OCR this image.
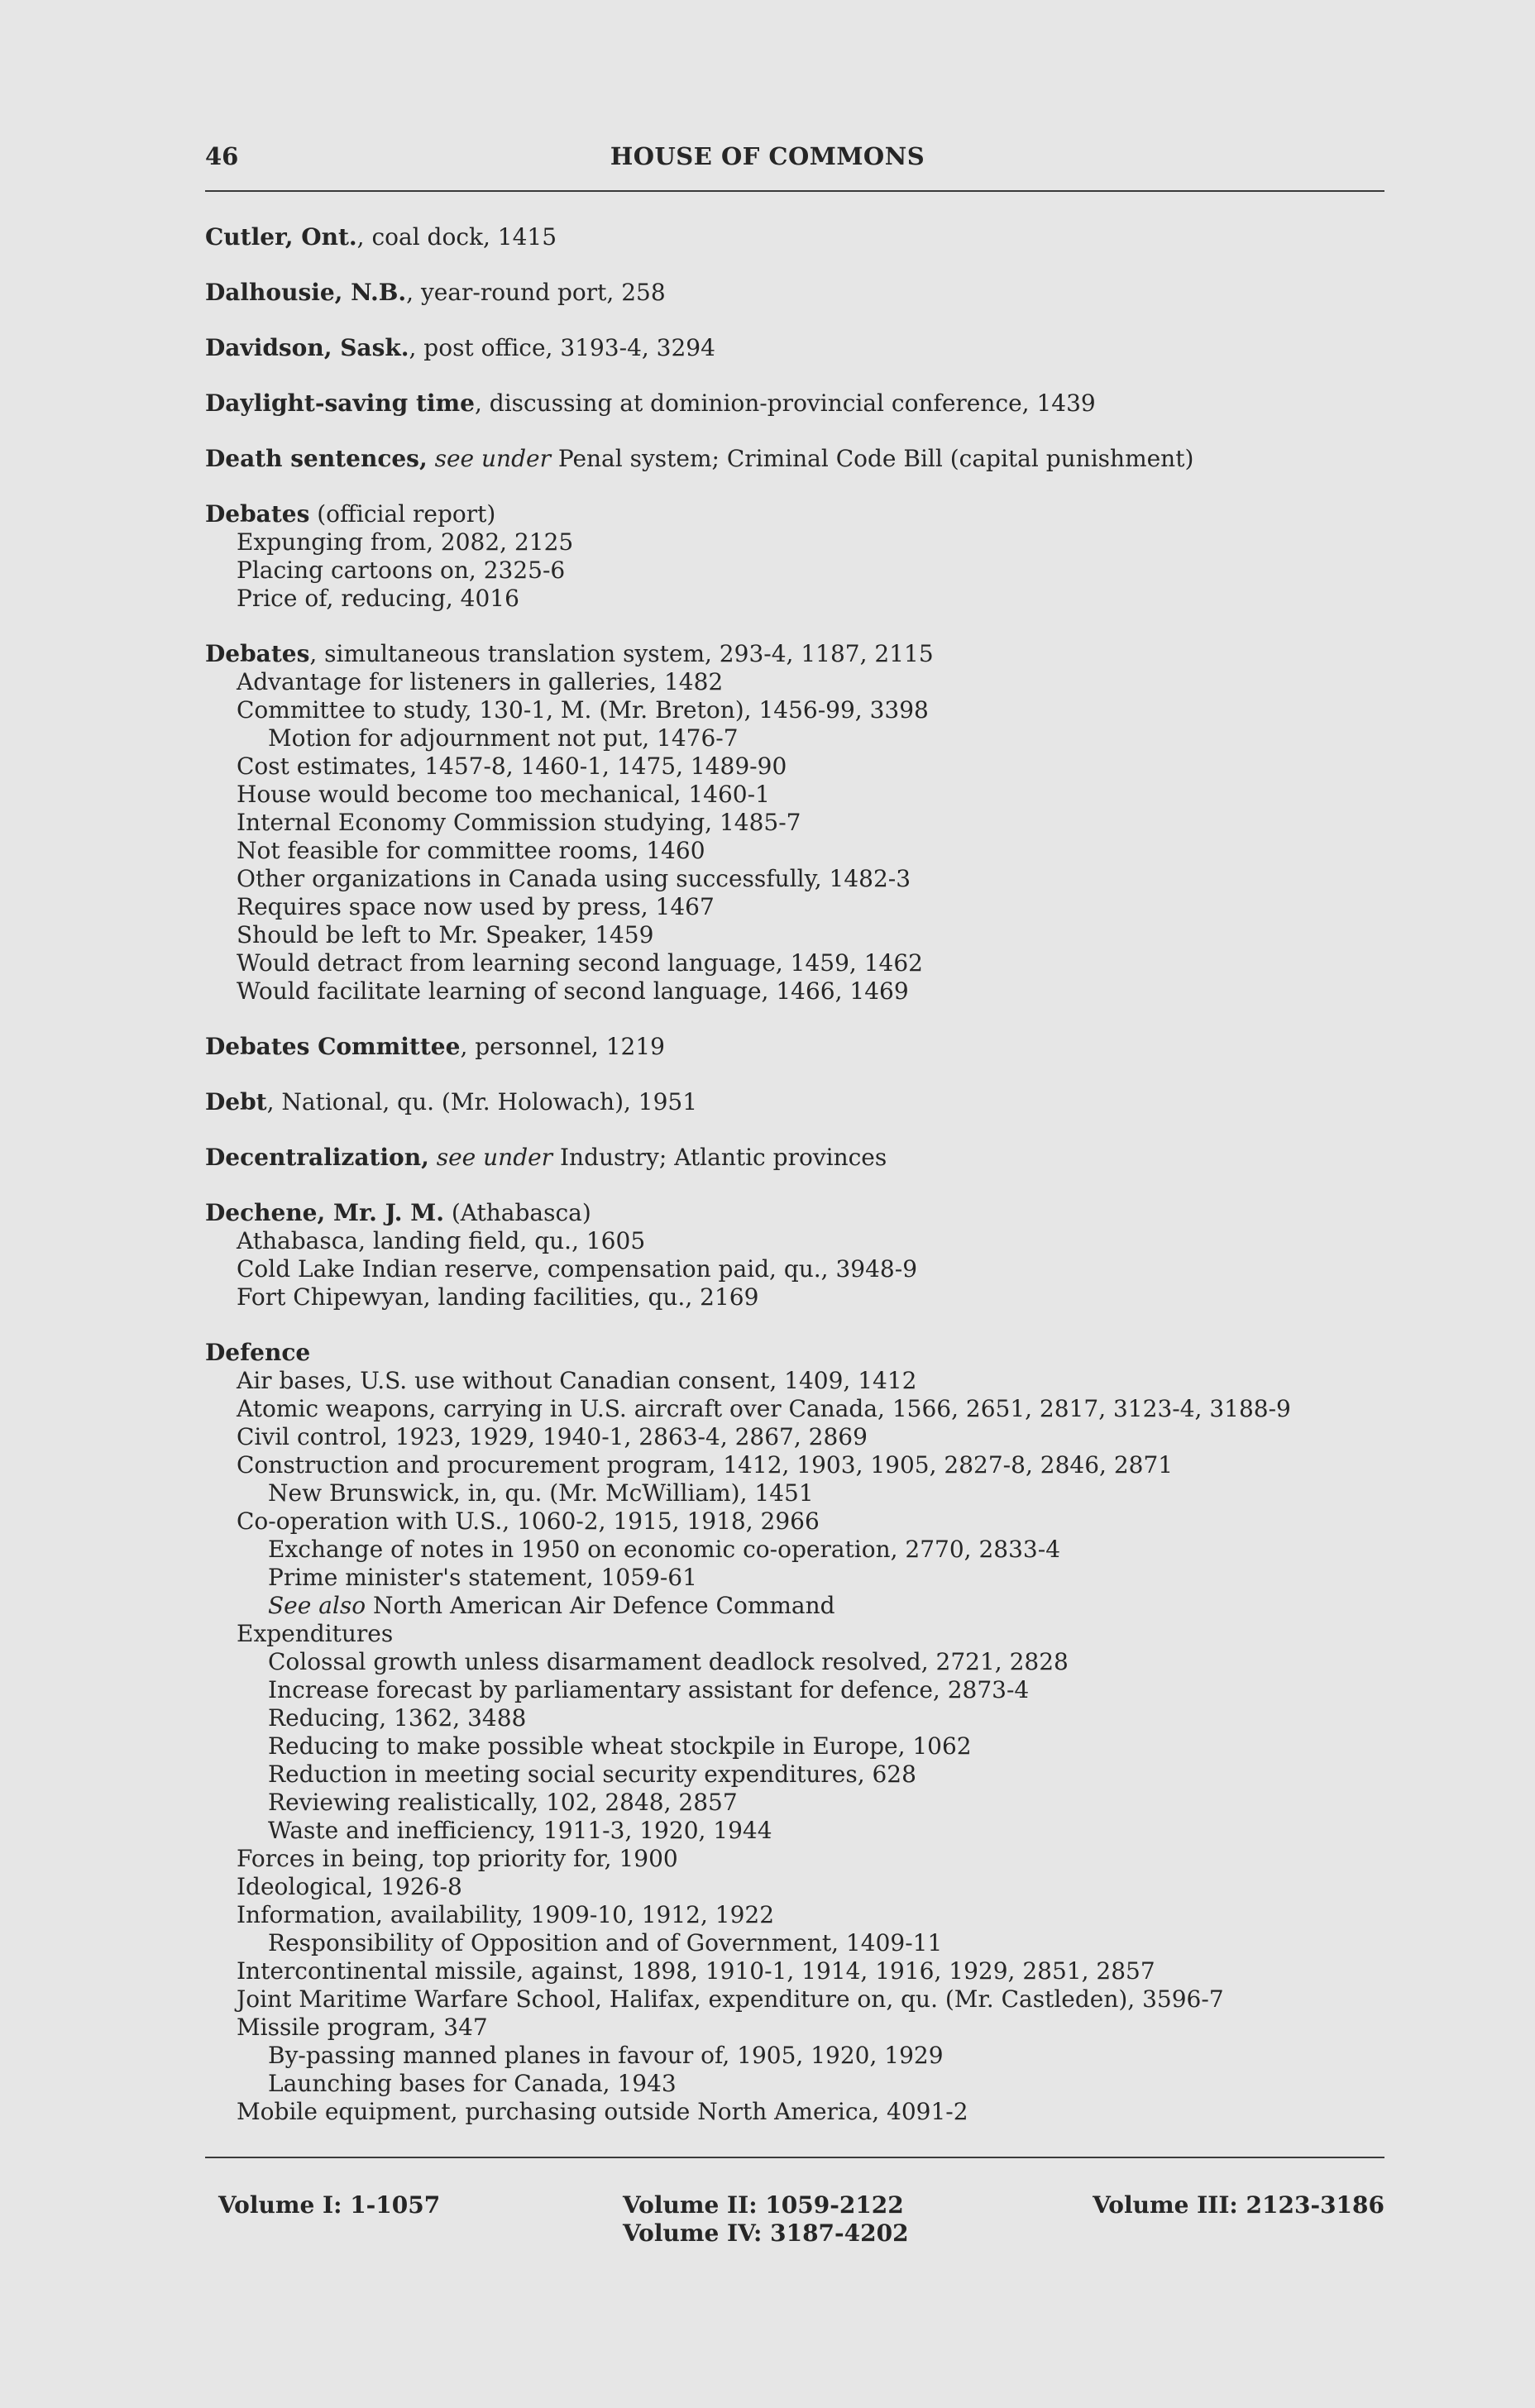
46	HOUSE OF COMMONS
Cutler, Ont., coal dock, 1415
Dalhousie, N.B., year-round port, 258
Davidson, Sask., post office, 3193-4, 3294
Daylight-saving time, discussing at dominion-provincial conference, 1439
Death sentences, see under Penal system; Criminal Code Bill (capital punishment)
Debates (official report)
Expunging from, 2082, 2125
Placing cartoons on, 2325-6
Price of, reducing, 4016
Debates, simultaneous translation system, 293-4, 1187, 2115
Advantage for listeners in galleries, 1482
Committee to study, 130-1, M. (Mr. Breton), 1456-99, 3398
Motion for adjournment not put, 1476-7
Cost estimates, 1457-8, 1460-1, 1475, 1489-90
House would become too mechanical, 1460-1
Internal Economy Commission studying, 1485-7
Not feasible for committee rooms, 1460
Other organizations in Canada using successfully, 1482-3
Requires space now used by press, 1467
Should be left to Mr. Speaker, 1459
Would detract from learning second language, 1459, 1462
Would facilitate learning of second language, 1466, 1469
Debates Committee, personnel, 1219
Debt, National, qu. (Mr. Holowach), 1951
Decentralization, see under Industry; Atlantic provinces
Dechene, Mr. J. M. (Athabasca)
Athabasca, landing field, qu., 1605
Cold Lake Indian reserve, compensation paid, qu., 3948-9
Fort Chipewyan, landing facilities, qu., 2169
Defence
Air bases, U.S. use without Canadian consent, 1409, 1412
Atomic weapons, carrying in U.S. aircraft over Canada, 1566, 2651, 2817, 3123-4, 3188-9
Civil control, 1923, 1929, 1940-1, 2863-4, 2867, 2869
Construction and procurement program, 1412, 1903, 1905, 2827-8, 2846, 2871
New Brunswick, in, qu. (Mr. McWilliam), 1451
Co-operation with U.S., 1060-2, 1915, 1918, 2966
Exchange of notes in 1950 on economic co-operation, 2770, 2833-4
Prime minister's statement, 1059-61
See also North American Air Defence Command
Expenditures
Colossal growth unless disarmament deadlock resolved, 2721, 2828
Increase forecast by parliamentary assistant for defence, 2873-4
Reducing, 1362, 3488
Reducing to make possible wheat stockpile in Europe, 1062
Reduction in meeting social security expenditures, 628
Reviewing realistically, 102, 2848, 2857
Waste and inefficiency, 1911-3, 1920, 1944
Forces in being, top priority for, 1900
Ideological, 1926-8
Information, availability, 1909-10, 1912, 1922
Responsibility of Opposition and of Government, 1409-11
Intercontinental missile, against, 1898, 1910-1, 1914, 1916, 1929, 2851, 2857
Joint Maritime Warfare School, Halifax, expenditure on, qu. (Mr. Castleden), 3596-7
Missile program, 347
By-passing manned planes in favour of, 1905, 1920, 1929
Launching bases for Canada, 1943
Mobile equipment, purchasing outside North America, 4091-2
Volume I: 1-1057	Volume II: 1059-2122
Volume IV: 3187-4202
Volume III: 2123-3186
